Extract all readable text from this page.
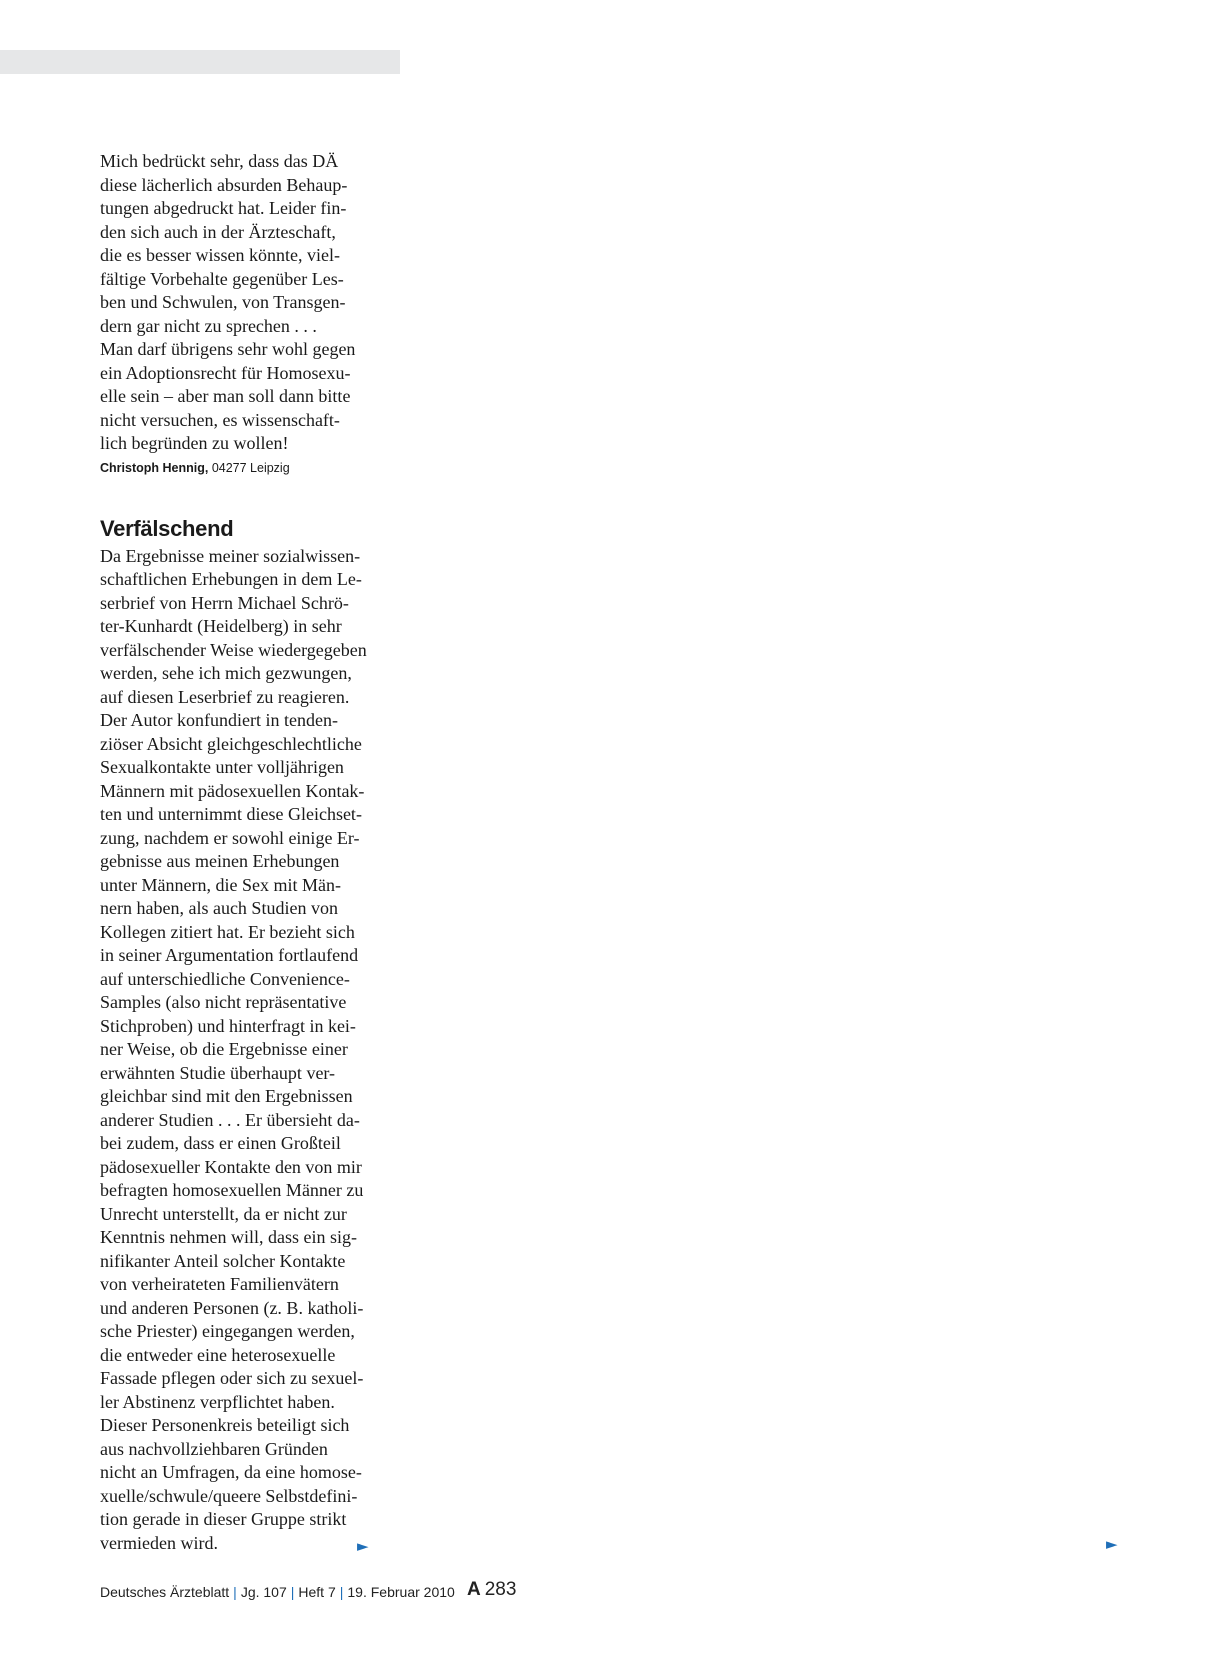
Mich bedrückt sehr, dass das DÄ

diese lächerlich absurden Behaup-

tungen abgedruckt hat. Leider fin-

den sich auch in der Ärzteschaft,

die es besser wissen könnte, viel-

fältige Vorbehalte gegenüber Les-

ben und Schwulen, von Transgen-

dern gar nicht zu sprechen . . .

Man darf übrigens sehr wohl gegen

ein Adoptionsrecht für Homosexu-

elle sein – aber man soll dann bitte

nicht versuchen, es wissenschaft-

lich begründen zu wollen!

Christoph Hennig, 04277 Leipzig
Verfälschend

Da Ergebnisse meiner sozialwissen-

schaftlichen Erhebungen in dem Le-

serbrief von Herrn Michael Schrö-

ter-Kunhardt (Heidelberg) in sehr

verfälschender Weise wiedergegeben

werden, sehe ich mich gezwungen,

auf diesen Leserbrief zu reagieren.

Der Autor konfundiert in tenden-

ziöser Absicht gleichgeschlechtliche

Sexualkontakte unter volljährigen

Männern mit pädosexuellen Kontak-

ten und unternimmt diese Gleichset-

zung, nachdem er sowohl einige Er-

gebnisse aus meinen Erhebungen

unter Männern, die Sex mit Män-

nern haben, als auch Studien von

Kollegen zitiert hat. Er bezieht sich

in seiner Argumentation fortlaufend

auf unterschiedliche Convenience-

Samples (also nicht repräsentative

Stichproben) und hinterfragt in kei-

ner Weise, ob die Ergebnisse einer

erwähnten Studie überhaupt ver-

gleichbar sind mit den Ergebnissen

anderer Studien . . . Er übersieht da-

bei zudem, dass er einen Großteil

pädosexueller Kontakte den von mir

befragten homosexuellen Männer zu

Unrecht unterstellt, da er nicht zur

Kenntnis nehmen will, dass ein sig-

nifikanter Anteil solcher Kontakte

von verheirateten Familienvätern

und anderen Personen (z. B. katholi-

sche Priester) eingegangen werden,

die entweder eine heterosexuelle

Fassade pflegen oder sich zu sexuel-

ler Abstinenz verpflichtet haben.

Dieser Personenkreis beteiligt sich

aus nachvollziehbaren Gründen

nicht an Umfragen, da eine homose-

xuelle/schwule/queere Selbstdefini-

tion gerade in dieser Gruppe strikt

vermieden wird.	►	►
Deutsches Ärzteblatt | Jg. 107 | Heft 7 | 19. Februar 2010 A 283
